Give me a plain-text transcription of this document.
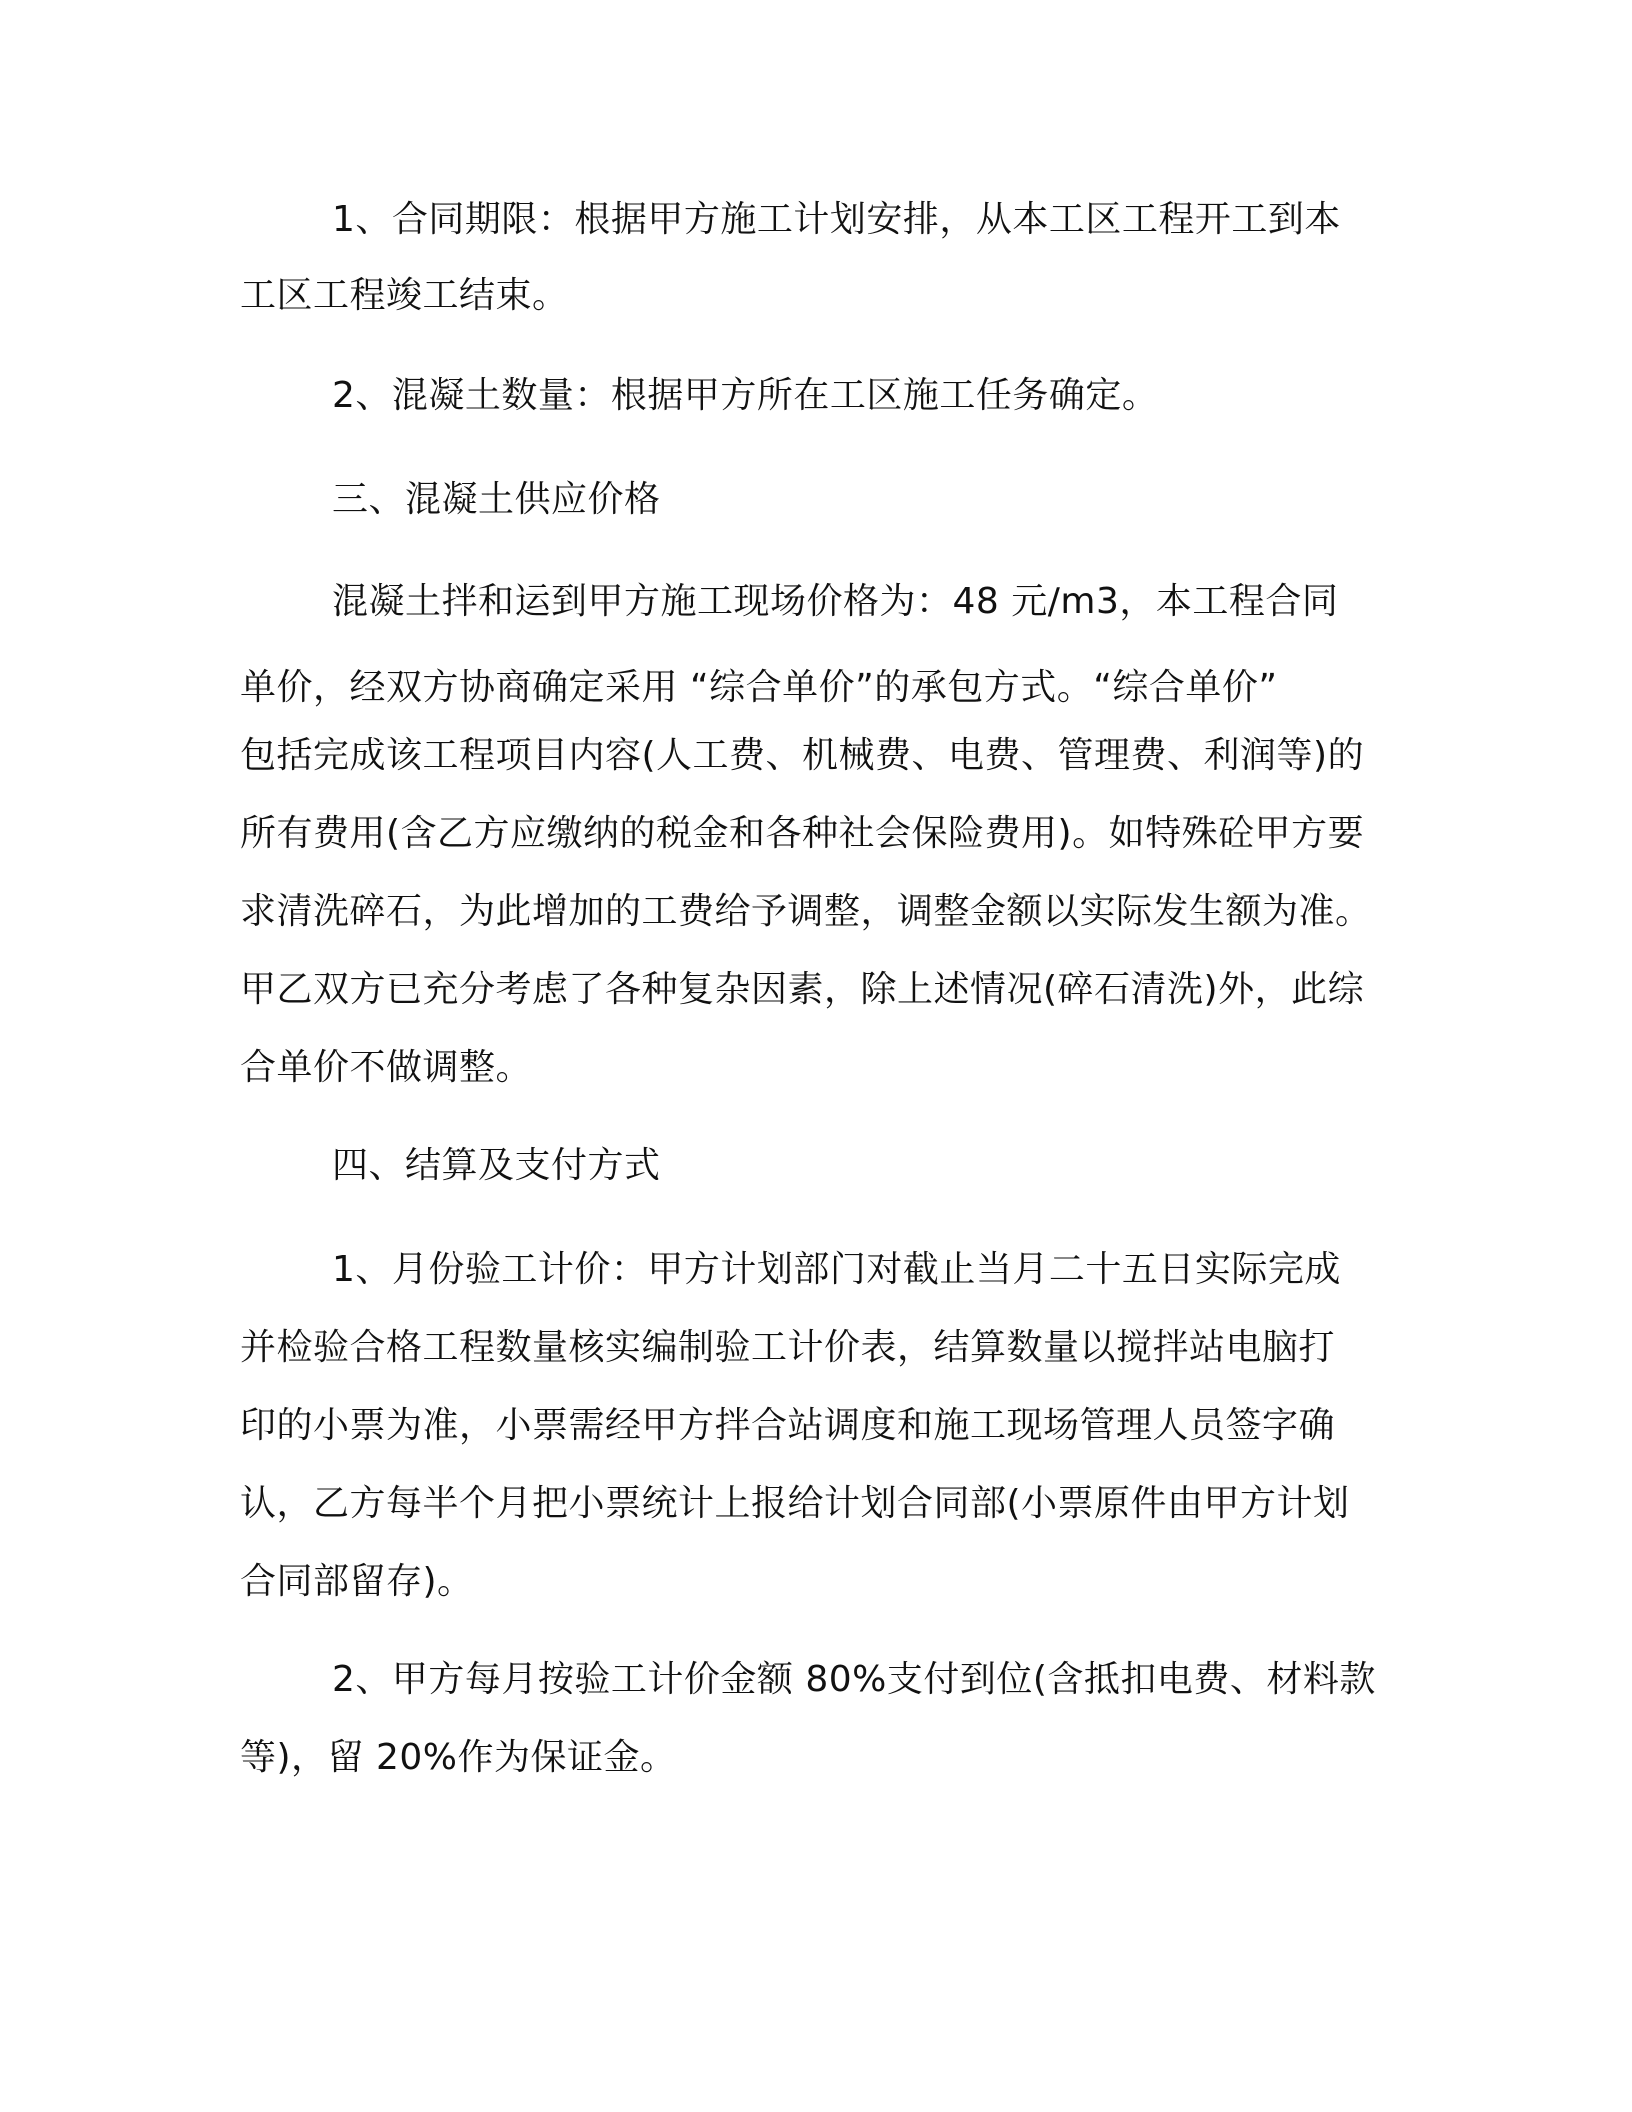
1、合同期限：根据甲方施工计划安排，从本工区工程开工到本

工区工程竣工结束。

2、混凝土数量：根据甲方所在工区施工任务确定。

三、混凝土供应价格

混凝土拌和运到甲方施工现场价格为：48 元/m3，本工程合同

单价，经双方协商确定采用 “综合单价”的承包方式。“综合单价”

包括完成该工程项目内容(人工费、机械费、电费、管理费、利润等)的

所有费用(含乙方应缴纳的税金和各种社会保险费用)。如特殊砼甲方要

求清洗碎石，为此增加的工费给予调整，调整金额以实际发生额为准。

甲乙双方已充分考虑了各种复杂因素，除上述情况(碎石清洗)外，此综

合单价不做调整。

四、结算及支付方式

1、月份验工计价：甲方计划部门对截止当月二十五日实际完成

并检验合格工程数量核实编制验工计价表，结算数量以搅拌站电脑打

印的小票为准，小票需经甲方拌合站调度和施工现场管理人员签字确

认，乙方每半个月把小票统计上报给计划合同部(小票原件由甲方计划

合同部留存)。

2、甲方每月按验工计价金额 80%支付到位(含抵扣电费、材料款

等)，留 20%作为保证金。
